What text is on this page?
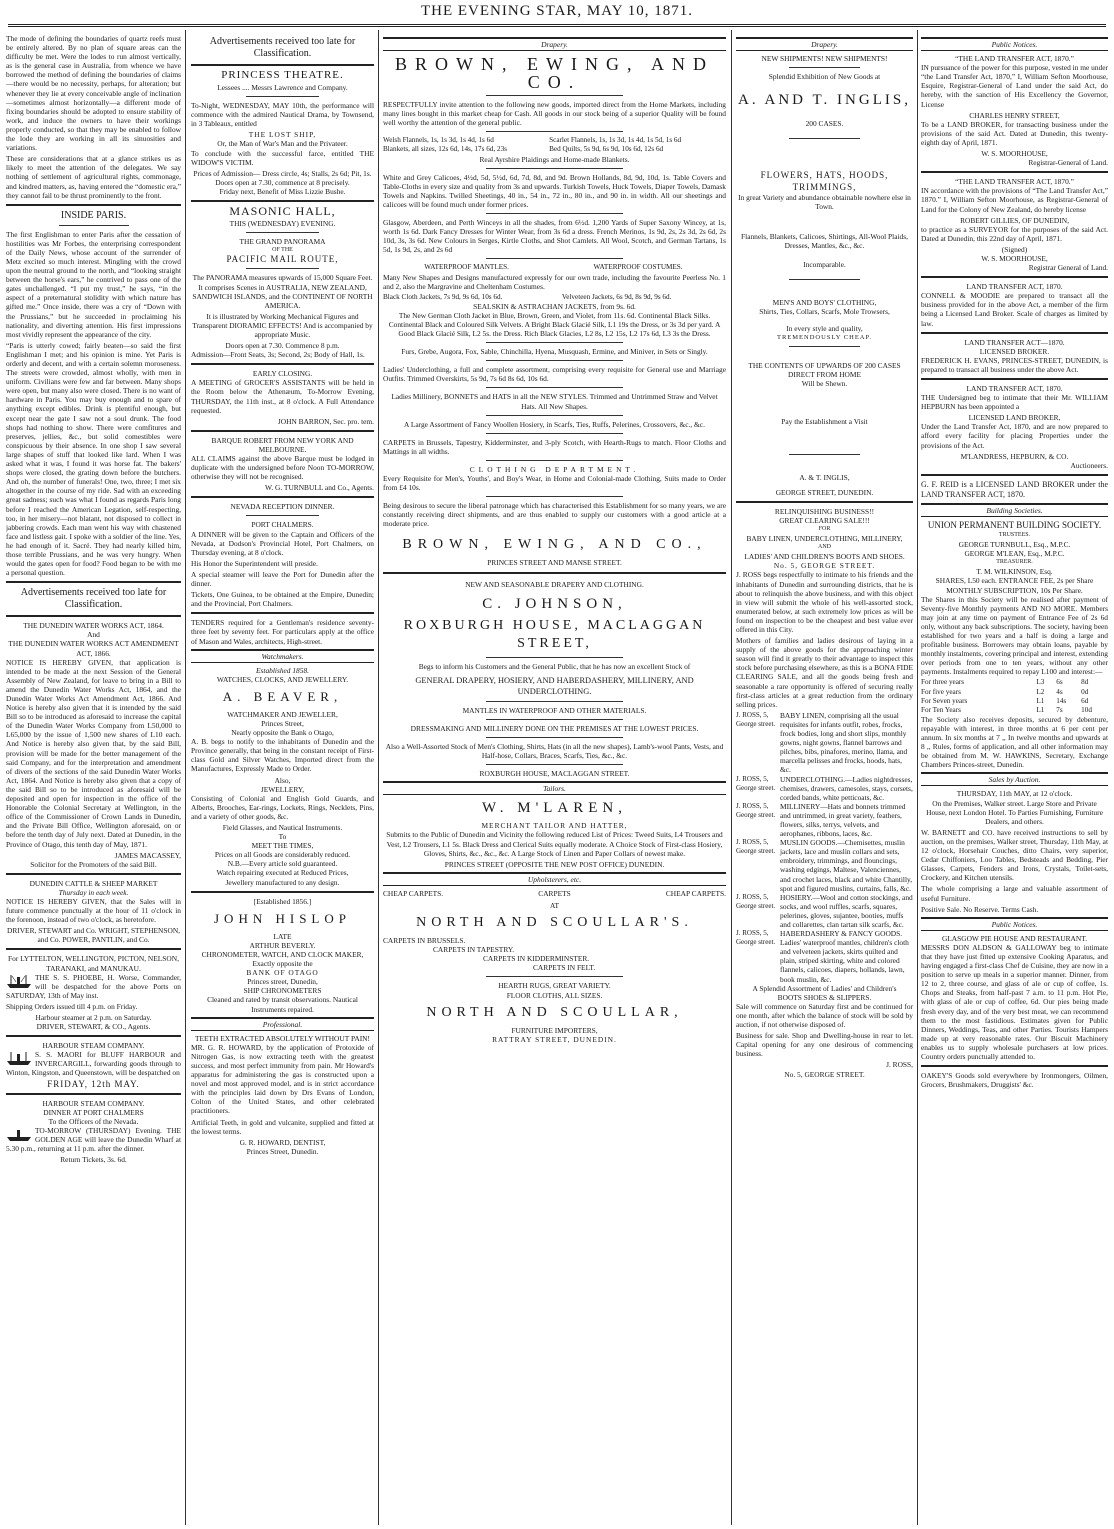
THE EVENING STAR, MAY 10, 1871.

The mode of defining the boundaries of quartz reefs must be entirely altered. By no plan of square areas can the difficulty be met. Were the lodes to run almost vertically, as is the general case in Australia, from whence we have borrowed the method of defining the boundaries of claims—there would be no necessity, perhaps, for alteration; but whenever they lie at every conceivable angle of inclination—sometimes almost horizontally—a different mode of fixing boundaries should be adopted to ensure stability of work, and induce the owners to have their workings properly conducted, so that they may be enabled to follow the lode they are working in all its sinuosities and variations.

These are considerations that at a glance strikes us as likely to meet the attention of the delegates. We say nothing of settlement of agricultural rights, commonage, and kindred matters, as, having entered the “domestic era,” they cannot fail to be thrust prominently to the front.

INSIDE PARIS.

The first Englishman to enter Paris after the cessation of hostilities was Mr Forbes, the enterprising correspondent of the Daily News, whose account of the surrender of Metz excited so much interest. Mingling with the crowd upon the neutral ground to the north, and “looking straight between the horse's ears,” he contrived to pass one of the gates unchallenged. “I put my trust,” he says, “in the aspect of a preternatural stolidity with which nature has gifted me.” Once inside, there was a cry of “Down with the Prussians,” but he succeeded in proclaiming his nationality, and diverting attention. His first impressions most vividly represent the appearance of the city.

“Paris is utterly cowed; fairly beaten—so said the first Englishman I met; and his opinion is mine. Yet Paris is orderly and decent, and with a certain solemn moroseness. The streets were crowded, almost wholly, with men in uniform. Civilians were few and far between. Many shops were open, but many also were closed. There is no want of hardware in Paris. You may buy enough and to spare of anything except edibles. Drink is plentiful enough, but except near the gate I saw not a soul drunk. The food shops had nothing to show. There were comfitures and preserves, jellies, &c., but solid comestibles were conspicuous by their absence. In one shop I saw several large shapes of stuff that looked like lard. When I was asked what it was, I found it was horse fat. The bakers' shops were closed, the grating down before the butchers. And oh, the number of funerals! One, two, three; I met six altogether in the course of my ride. Sad with an exceeding great sadness; such was what I found as regards Paris long before I reached the American Legation, self-respecting, too, in her misery—not blatant, not disposed to collect in jabbering crowds. Each man went his way with chastened face and listless gait. I spoke with a soldier of the line. Yes, he had enough of it. Sacré. They had nearly killed him, those terrible Prussians, and he was very hungry. When would the gates open for food? Food began to be with me a personal question.

Advertisements received too late for Classification.
THE DUNEDIN WATER WORKS ACT, 1864.
And
THE DUNEDIN WATER WORKS ACT AMENDMENT ACT, 1866.

NOTICE IS HEREBY GIVEN, that application is intended to be made at the next Session of the General Assembly of New Zealand, for leave to bring in a Bill to amend the Dunedin Water Works Act, 1864, and the Dunedin Water Works Act Amendment Act, 1866. And Notice is hereby also given that it is intended by the said Bill so to be introduced as aforesaid to increase the capital of the Dunedin Water Works Company from L50,000 to L65,000 by the issue of 1,500 new shares of L10 each. And Notice is hereby also given that, by the said Bill, provision will be made for the better management of the said Company, and for the interpretation and amendment of divers of the sections of the said Dunedin Water Works Act, 1864. And Notice is hereby also given that a copy of the said Bill so to be introduced as aforesaid will be deposited and open for inspection in the office of the Honorable the Colonial Secretary at Wellington, in the office of the Commissioner of Crown Lands in Dunedin, and the Private Bill Office, Wellington aforesaid, on or before the tenth day of July next. Dated at Dunedin, in the Province of Otago, this tenth day of May, 1871.

JAMES MACASSEY,
Solicitor for the Promoters of the said Bill.
DUNEDIN CATTLE & SHEEP MARKET
Thursday in each week.

NOTICE IS HEREBY GIVEN, that the Sales will in future commence punctually at the hour of 11 o'clock in the forenoon, instead of two o'clock, as heretofore.

DRIVER, STEWART and Co. WRIGHT, STEPHENSON, and Co. POWER, PANTLIN, and Co.
For LYTTELTON, WELLINGTON, PICTON, NELSON, TARANAKI, and MANUKAU.

THE S. S. PHOEBE, H. Worse, Commander, will be despatched for the above Ports on SATURDAY, 13th of May inst.

Shipping Orders issued till 4 p.m. on Friday.

Harbour steamer at 2 p.m. on Saturday.
DRIVER, STEWART, & CO., Agents.
HARBOUR STEAM COMPANY.

S. S. MAORI for BLUFF HARBOUR and INVERCARGILL, forwarding goods through to Winton, Kingston, and Queenstown, will be despatched on

FRIDAY, 12th MAY.
HARBOUR STEAM COMPANY.
DINNER AT PORT CHALMERS
To the Officers of the Nevada.

TO-MORROW (THURSDAY) Evening. THE GOLDEN AGE will leave the Dunedin Wharf at 5.30 p.m., returning at 11 p.m. after the dinner.

Return Tickets, 3s. 6d.
Advertisements received too late for Classification.
PRINCESS THEATRE.
Lessees .... Messrs Lawrence and Company.

To-Night, WEDNESDAY, MAY 10th, the performance will commence with the admired Nautical Drama, by Townsend, in 3 Tableaux, entitled

THE LOST SHIP,
Or, the Man of War's Man and the Privateer.

To conclude with the successful farce, entitled THE WIDOW'S VICTIM.

Prices of Admission— Dress circle, 4s; Stalls, 2s 6d; Pit, 1s.
Doors open at 7.30, commence at 8 precisely.
Friday next, Benefit of Miss Lizzie Bushe.
MASONIC HALL,
THIS (WEDNESDAY) EVENING.
THE GRAND PANORAMA
OF THE
PACIFIC MAIL ROUTE,

The PANORAMA measures upwards of 15,000 Square Feet. It comprises Scenes in AUSTRALIA, NEW ZEALAND, SANDWICH ISLANDS, and the CONTINENT OF NORTH AMERICA.

It is illustrated by Working Mechanical Figures and Transparent DIORAMIC EFFECTS! And is accompanied by appropriate Music.

Doors open at 7.30. Commence 8 p.m.

Admission—Front Seats, 3s; Second, 2s; Body of Hall, 1s.

EARLY CLOSING.

A MEETING of GROCER'S ASSISTANTS will be held in the Room below the Athenæum, To-Morrow Evening, THURSDAY, the 11th inst., at 8 o'clock. A Full Attendance requested.

JOHN BARRON, Sec. pro. tem.
BARQUE ROBERT FROM NEW YORK AND MELBOURNE.

ALL CLAIMS against the above Barque must be lodged in duplicate with the undersigned before Noon TO-MORROW, otherwise they will not be recognised.

W. G. TURNBULL and Co., Agents.
NEVADA RECEPTION DINNER.
PORT CHALMERS.

A DINNER will be given to the Captain and Officers of the Nevada, at Dodson's Provincial Hotel, Port Chalmers, on Thursday evening, at 8 o'clock.

His Honor the Superintendent will preside.

A special steamer will leave the Port for Dunedin after the dinner.

Tickets, One Guinea, to be obtained at the Empire, Dunedin; and the Provincial, Port Chalmers.

TENDERS required for a Gentleman's residence seventy-three feet by seventy feet. For particulars apply at the office of Mason and Wales, architects, High-street.

Watchmakers.
Established 1858.
WATCHES, CLOCKS, AND JEWELLERY.
A. BEAVER,
WATCHMAKER AND JEWELLER,
Princes Street,
Nearly opposite the Bank o Otago,

A. B. begs to notify to the inhabitants of Dunedin and the Province generally, that being in the constant receipt of First-class Gold and Silver Watches, Imported direct from the Manufactures, Expressly Made to Order.

Also,
JEWELLERY,

Consisting of Colonial and English Gold Guards, and Alberts, Brooches, Ear-rings, Lockets, Rings, Necklets, Pins, and a variety of other goods, &c.

Field Glasses, and Nautical Instruments.
To
MEET THE TIMES,
Prices on all Goods are considerably reduced.
N.B.—Every article sold guaranteed.
Watch repairing executed at Reduced Prices,
Jewellery manufactured to any design.
[Established 1856.]
JOHN HISLOP
LATE
ARTHUR BEVERLY.
CHRONOMETER, WATCH, AND CLOCK MAKER,
Exactly opposite the
BANK OF OTAGO
Princes street, Dunedin,
SHIP CHRONOMETERS
Cleaned and rated by transit observations. Nautical Instruments repaired.
Professional.
TEETH EXTRACTED ABSOLUTELY WITHOUT PAIN!

MR. G. R. HOWARD, by the application of Protoxide of Nitrogen Gas, is now extracting teeth with the greatest success, and most perfect immunity from pain. Mr Howard's apparatus for administering the gas is constructed upon a novel and most approved model, and is in strict accordance with the principles laid down by Drs Evans of London, Colton of the United States, and other celebrated practitioners.

Artificial Teeth, in gold and vulcanite, supplied and fitted at the lowest terms.

G. R. HOWARD, DENTIST,
Princes Street, Dunedin.
Drapery.
BROWN, EWING, AND CO.

RESPECTFULLY invite attention to the following new goods, imported direct from the Home Markets, including many lines bought in this market cheap for Cash. All goods in our stock being of a superior Quality will be found well worthy the attention of the general public.

Welsh Flannels, 1s, 1s 3d, 1s 4d, 1s 6d	Scarlet Flannels, 1s, 1s 3d, 1s 4d, 1s 5d, 1s 6d
Blankets, all sizes, 12s 6d, 14s, 17s 6d, 23s	Bed Quilts, 5s 9d, 6s 9d, 10s 6d, 12s 6d
Real Ayrshire Plaidings and Home-made Blankets.

White and Grey Calicoes, 4½d, 5d, 5½d, 6d, 7d, 8d, and 9d. Brown Hollands, 8d, 9d, 10d, 1s. Table Covers and Table-Cloths in every size and quality from 3s and upwards. Turkish Towels, Huck Towels, Diaper Towels, Damask Towels and Napkins. Twilled Sheetings, 40 in., 54 in., 72 in., 80 in., and 90 in. in width. All our sheetings and calicoes will be found much under former prices.

Glasgow, Aberdeen, and Perth Winceys in all the shades, from 6½d. 1,200 Yards of Super Saxony Wincey, at 1s, worth 1s 6d. Dark Fancy Dresses for Winter Wear, from 3s 6d a dress. French Merinos, 1s 9d, 2s, 2s 3d, 2s 6d, 2s 10d, 3s, 3s 6d. New Colours in Serges, Kirtle Cloths, and Shot Camlets. All Wool, Scotch, and German Tartans, 1s 5d, 1s 9d, 2s, and 2s 6d

WATERPROOF MANTLES.	WATERPROOF COSTUMES.

Many New Shapes and Designs manufactured expressly for our own trade, including the favourite Peerless No. 1 and 2, also the Margravine and Cheltenham Costumes.

Black Cloth Jackets, 7s 9d, 9s 6d, 10s 6d.	Velveteen Jackets, 6s 9d, 8s 9d, 9s 6d.
SEALSKIN & ASTRACHAN JACKETS, from 9s. 6d.

The New German Cloth Jacket in Blue, Brown, Green, and Violet, from 11s. 6d. Continental Black Silks. Continental Black and Coloured Silk Velvets. A Bright Black Glacié Silk, L1 19s the Dress, or 3s 3d per yard. A Good Black Glacié Silk, L2 5s. the Dress. Rich Black Glacies, L2 8s, L2 15s, L2 17s 6d, L3 3s the Dress.

Furs, Grebe, Augora, Fox, Sable, Chinchilla, Hyena, Musquash, Ermine, and Miniver, in Sets or Singly.

Ladies' Underclothing, a full and complete assortment, comprising every requisite for General use and Marriage Outfits. Trimmed Overskirts, 5s 9d, 7s 6d 8s 6d, 10s 6d.

Ladies Millinery, BONNETS and HATS in all the NEW STYLES. Trimmed and Untrimmed Straw and Velvet Hats. All New Shapes.

A Large Assortment of Fancy Woollen Hosiery, in Scarfs, Ties, Ruffs, Pelerines, Crossovers, &c., &c.

CARPETS in Brussels, Tapestry, Kidderminster, and 3-ply Scotch, with Hearth-Rugs to match. Floor Cloths and Mattings in all widths.

CLOTHING DEPARTMENT.

Every Requisite for Men's, Youths', and Boy's Wear, in Home and Colonial-made Clothing, Suits made to Order from £4 10s.

Being desirous to secure the liberal patronage which has characterised this Establishment for so many years, we are constantly receiving direct shipments, and are thus enabled to supply our customers with a good article at a moderate price.

BROWN, EWING, AND CO.,
PRINCES STREET AND MANSE STREET.
NEW AND SEASONABLE DRAPERY AND CLOTHING.
C. JOHNSON,
ROXBURGH HOUSE, MACLAGGAN STREET,
Begs to inform his Customers and the General Public, that he has now an excellent Stock of
GENERAL DRAPERY, HOSIERY, AND HABERDASHERY, MILLINERY, AND UNDERCLOTHING.
MANTLES IN WATERPROOF AND OTHER MATERIALS.
DRESSMAKING AND MILLINERY DONE ON THE PREMISES AT THE LOWEST PRICES.

Also a Well-Assorted Stock of Men's Clothing, Shirts, Hats (in all the new shapes), Lamb's-wool Pants, Vests, and Half-hose, Collars, Braces, Scarfs, Ties, &c., &c.

ROXBURGH HOUSE, MACLAGGAN STREET.
Tailors.
W. M'LAREN,
MERCHANT TAILOR AND HATTER,

Submits to the Public of Dunedin and Vicinity the following reduced List of Prices: Tweed Suits, L4 Trousers and Vest, L2 Trousers, L1 5s. Black Dress and Clerical Suits equally moderate. A Choice Stock of First-class Hosiery, Gloves, Shirts, &c., &c., &c. A Large Stock of Linen and Paper Collars of newest make.

PRINCES STREET (OPPOSITE THE NEW POST OFFICE) DUNEDIN.
Upholsterers, etc.
CHEAP CARPETS.	CARPETS	CHEAP CARPETS.
AT
NORTH AND SCOULLAR'S.
CARPETS IN BRUSSELS.
CARPETS IN TAPESTRY.
CARPETS IN KIDDERMINSTER.
CARPETS IN FELT.
HEARTH RUGS, GREAT VARIETY.
FLOOR CLOTHS, ALL SIZES.
NORTH AND SCOULLAR,
FURNITURE IMPORTERS,
RATTRAY STREET, DUNEDIN.
Drapery.
NEW SHIPMENTS! NEW SHIPMENTS!
Splendid Exhibition of New Goods at
A. AND T. INGLIS,
200 CASES.
FLOWERS, HATS, HOODS, TRIMMINGS,
In great Variety and abundance obtainable nowhere else in Town.
Flannels, Blankets, Calicoes, Shirtings, All-Wool Plaids, Dresses, Mantles, &c., &c.
Incomparable.
MEN'S AND BOYS' CLOTHING,
Shirts, Ties, Collars, Scarfs, Mole Trowsers,
In every style and quality,
TREMENDOUSLY CHEAP.
THE CONTENTS OF UPWARDS OF 200 CASES DIRECT FROM HOME
Will be Shewn.
Pay the Establishment a Visit
A. & T. INGLIS,
GEORGE STREET, DUNEDIN.
RELINQUISHING BUSINESS!!
GREAT CLEARING SALE!!!
FOR
BABY LINEN, UNDERCLOTHING, MILLINERY,
AND
LADIES' AND CHILDREN'S BOOTS AND SHOES.
No. 5, GEORGE STREET.

J. ROSS begs respectfully to intimate to his friends and the inhabitants of Dunedin and surrounding districts, that he is about to relinquish the above business, and with this object in view will submit the whole of his well-assorted stock, enumerated below, at such extremely low prices as will be found on inspection to be the cheapest and best value ever offered in this City.

Mothers of families and ladies desirous of laying in a supply of the above goods for the approaching winter season will find it greatly to their advantage to inspect this stock before purchasing elsewhere, as this is a BONA FIDE CLEARING SALE, and all the goods being fresh and seasonable a rare opportunity is offered of securing really first-class articles at a great reduction from the ordinary selling prices.

J. ROSS, 5, George street.
BABY LINEN, comprising all the usual requisites for infants outfit, robes, frocks, frock bodies, long and short slips, monthly gowns, night gowns, flannel barrows and pilches, bibs, pinafores, merino, llama, and marcella pelisses and frocks, hoods, hats, &c.
J. ROSS, 5, George street.
UNDERCLOTHING.—Ladies nightdresses, chemises, drawers, camesoles, stays, corsets, corded bands, white petticoats, &c.
J. ROSS, 5, George street.
MILLINERY—Hats and bonnets trimmed and untrimmed, in great variety, feathers, flowers, silks, terrys, velvets, and aerophanes, ribbons, laces, &c.
J. ROSS, 5, George street.
MUSLIN GOODS.—Chemisettes, muslin jackets, lace and muslin collars and sets, embroidery, trimmings, and flouncings, washing edgings, Maltese, Valenciennes, and crochet laces, black and white Chantilly, spot and figured muslins, curtains, falls, &c.
J. ROSS, 5, George street.
HOSIERY.—Wool and cotton stockings, and socks, and wool ruffles, scarfs, squares, pelerines, gloves, sujantee, booties, muffs and collarettes, clan tartan silk scarfs, &c.
J. ROSS, 5, George street.
HABERDASHERY & FANCY GOODS. Ladies' waterproof mantles, children's cloth and velveteen jackets, skirts quilted and plain, striped skirting, white and colored flannels, calicoes, diapers, hollands, lawn, book muslin, &c.
A Splendid Assortment of Ladies' and Children's
BOOTS SHOES & SLIPPERS.

Sale will commence on Saturday first and be continued for one month, after which the balance of stock will be sold by auction, if not otherwise disposed of.

Business for sale. Shop and Dwelling-house in rear to let. Capital opening for any one desirous of commencing business.

J. ROSS,
No. 5, GEORGE STREET.
Public Notices.
“THE LAND TRANSFER ACT, 1870.”

IN pursuance of the power for this purpose, vested in me under “the Land Transfer Act, 1870,” I, William Sefton Moorhouse, Esquire, Registrar-General of Land under the said Act, do hereby, with the sanction of His Excellency the Governor, License

CHARLES HENRY STREET,

To be a LAND BROKER, for transacting business under the provisions of the said Act. Dated at Dunedin, this twenty-eighth day of April, 1871.

W. S. MOORHOUSE,
Registrar-General of Land.
“THE LAND TRANSFER ACT, 1870.”

IN accordance with the provisions of “The Land Transfer Act,” 1870.” I, William Sefton Moorhouse, as Registrar-General of Land for the Colony of New Zealand, do hereby license

ROBERT GILLIES, OF DUNEDIN,

to practice as a SURVEYOR for the purposes of the said Act. Dated at Dunedin, this 22nd day of April, 1871.

(Signed)
W. S. MOORHOUSE,
Registrar General of Land.
LAND TRANSFER ACT, 1870.

CONNELL & MOODIE are prepared to transact all the business provided for in the above Act, a member of the firm being a Licensed Land Broker. Scale of charges as limited by law.

LAND TRANSFER ACT—1870.
LICENSED BROKER.

FREDERICK H. EVANS, PRINCES-STREET, DUNEDIN, is prepared to transact all business under the above Act.

LAND TRANSFER ACT, 1870.

THE Undersigned beg to intimate that their Mr. WILLIAM HEPBURN has been appointed a

LICENSED LAND BROKER,

Under the Land Transfer Act, 1870, and are now prepared to afford every facility for placing Properties under the provisions of the Act.

M'LANDRESS, HEPBURN, & CO.
Auctioneers.

G. F. REID is a LICENSED LAND BROKER under the LAND TRANSFER ACT, 1870.

Building Societies.
UNION PERMANENT BUILDING SOCIETY.
TRUSTEES.
GEORGE TURNBULL, Esq., M.P.C.
GEORGE M'LEAN, Esq., M.P.C.
TREASURER.
T. M. WILKINSON, Esq.
SHARES, L50 each. ENTRANCE FEE, 2s per Share
MONTHLY SUBSCRIPTION, 10s Per Share.

The Shares in this Society will be realised after payment of Seventy-five Monthly payments AND NO MORE. Members may join at any time on payment of Entrance Fee of 2s 6d only, without any back subscriptions. The society, having been established for two years and a half is doing a large and profitable business. Borrowers may obtain loans, payable by monthly instalments, covering principal and interest, extending over periods from one to ten years, without any other payments. Instalments required to repay L100 and interest:—

For three years	L3	6s	8d
For five years	L2	4s	0d
For Seven years	L1	14s	6d
For Ten Years	L1	7s	10d

The Society also receives deposits, secured by debenture, repayable with interest, in three months at 6 per cent per annum. In six months at 7 ,, In twelve months and upwards at 8 ,, Rules, forms of application, and all other information may be obtained from M. W. HAWKINS, Secretary, Exchange Chambers Princes-street, Dunedin.

Sales by Auction.
THURSDAY, 11th MAY, at 12 o'clock.

On the Premises, Walker street. Large Store and Private House, next London Hotel. To Parties Furnishing, Furniture Dealers, and others.

W. BARNETT and CO. have received instructions to sell by auction, on the premises, Walker street, Thursday, 11th May, at 12 o'clock, Horsehair Couches, ditto Chairs, very superior, Cedar Chiffoniers, Loo Tables, Bedsteads and Bedding, Pier Glasses, Carpets, Fenders and Irons, Crystals, Toilet-sets, Crockery, and Kitchen utensils.

The whole comprising a large and valuable assortment of useful Furniture.

Positive Sale. No Reserve. Terms Cash.
Public Notices.
GLASGOW PIE HOUSE AND RESTAURANT.

MESSRS DON ALDSON & GALLOWAY beg to intimate that they have just fitted up extensive Cooking Aparatus, and having engaged a first-class Chef de Cuisine, they are now in a position to serve up meals in a superior manner. Dinner, from 12 to 2, three course, and glass of ale or cup of coffee, 1s. Chops and Steaks, from half-past 7 a.m. to 11 p.m. Hot Pie, with glass of ale or cup of coffee, 6d. Our pies being made fresh every day, and of the very best meat, we can recommend them to the most fastidious. Estimates given for Public Dinners, Weddings, Teas, and other Parties. Tourists Hampers made up at very reasonable rates. Our Biscuit Machinery enables us to supply wholesale purchasers at low prices. Country orders punctually attended to.

OAKEY'S Goods sold everywhere by Ironmongers, Oilmen, Grocers, Brushmakers, Druggists' &c.
